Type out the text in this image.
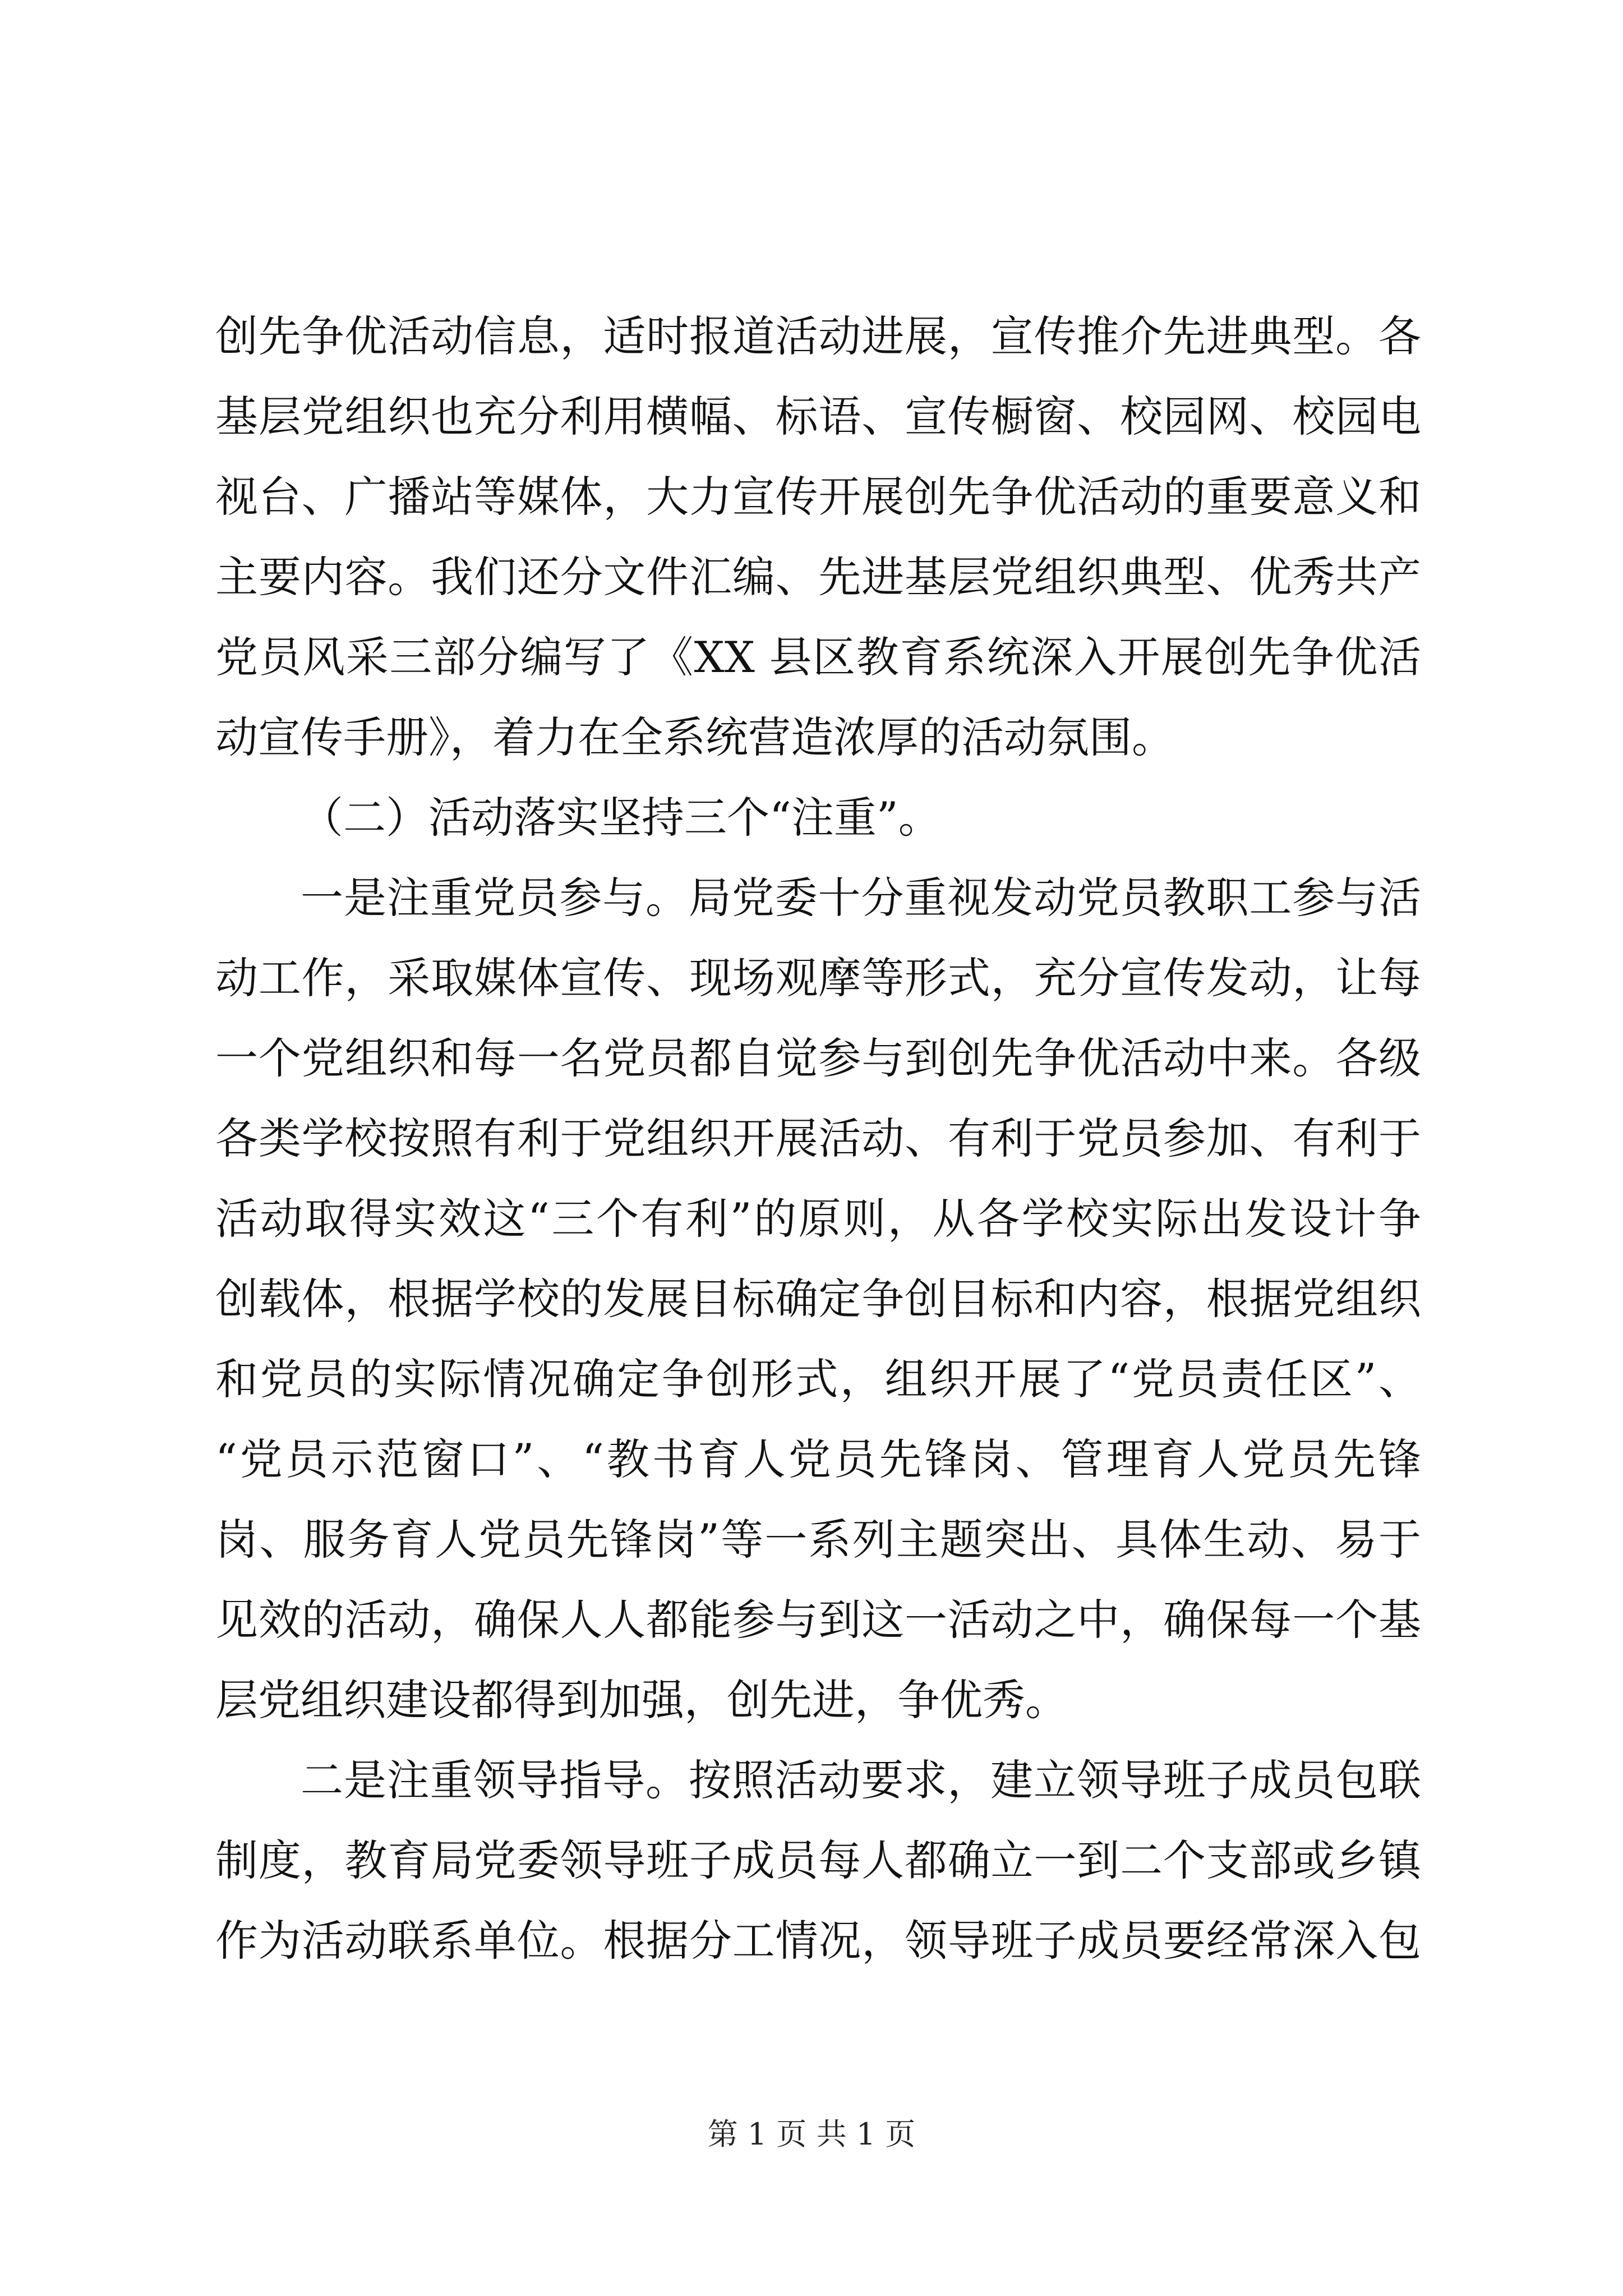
创先争优活动信息，适时报道活动进展，宣传推介先进典型。各
基层党组织也充分利用横幅、标语、宣传橱窗、校园网、校园电
视台、广播站等媒体，大力宣传开展创先争优活动的重要意义和
主要内容。我们还分文件汇编、先进基层党组织典型、优秀共产
党员风采三部分编写了《XX 县区教育系统深入开展创先争优活
动宣传手册》，着力在全系统营造浓厚的活动氛围。
（二）活动落实坚持三个“注重”。
一是注重党员参与。局党委十分重视发动党员教职工参与活
动工作，采取媒体宣传、现场观摩等形式，充分宣传发动，让每
一个党组织和每一名党员都自觉参与到创先争优活动中来。各级
各类学校按照有利于党组织开展活动、有利于党员参加、有利于
活动取得实效这“三个有利”的原则，从各学校实际出发设计争
创载体，根据学校的发展目标确定争创目标和内容，根据党组织
和党员的实际情况确定争创形式，组织开展了“党员责任区”、
“党员示范窗口”、“教书育人党员先锋岗、管理育人党员先锋
岗、服务育人党员先锋岗”等一系列主题突出、具体生动、易于
见效的活动，确保人人都能参与到这一活动之中，确保每一个基
层党组织建设都得到加强，创先进，争优秀。
二是注重领导指导。按照活动要求，建立领导班子成员包联
制度，教育局党委领导班子成员每人都确立一到二个支部或乡镇
作为活动联系单位。根据分工情况，领导班子成员要经常深入包
第 1 页 共 1 页
